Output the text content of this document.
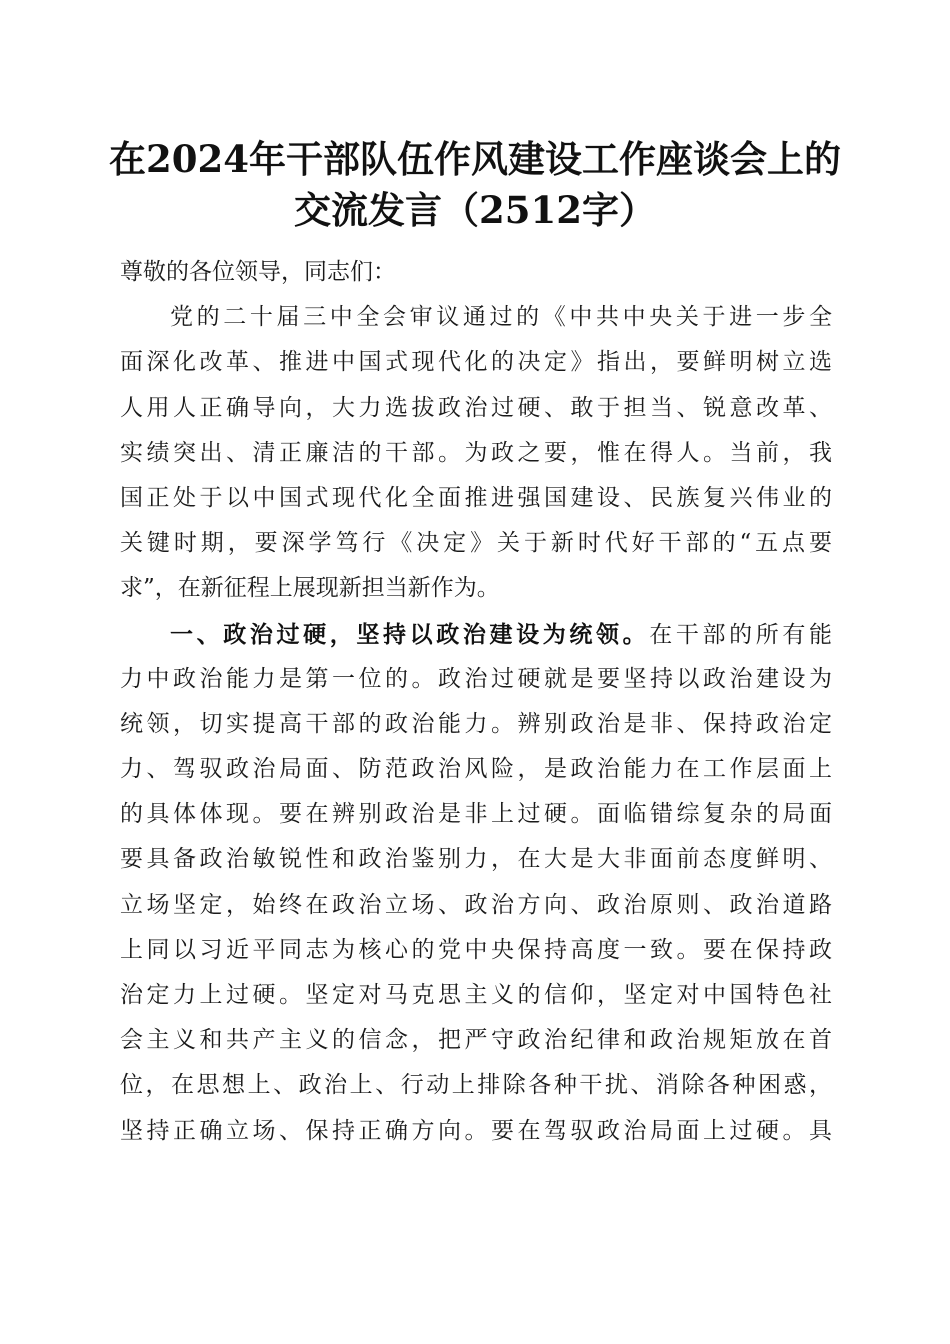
在2024年干部队伍作风建设工作座谈会上的
交流发言（2512字）
尊敬的各位领导，同志们：
党的二十届三中全会审议通过的《中共中央关于进一步全
面深化改革、推进中国式现代化的决定》指出，要鲜明树立选
人用人正确导向，大力选拔政治过硬、敢于担当、锐意改革、
实绩突出、清正廉洁的干部。为政之要，惟在得人。当前，我
国正处于以中国式现代化全面推进强国建设、民族复兴伟业的
关键时期，要深学笃行《决定》关于新时代好干部的“五点要
求”，在新征程上展现新担当新作为。
一、政治过硬，坚持以政治建设为统领。在干部的所有能
力中政治能力是第一位的。政治过硬就是要坚持以政治建设为
统领，切实提高干部的政治能力。辨别政治是非、保持政治定
力、驾驭政治局面、防范政治风险，是政治能力在工作层面上
的具体体现。要在辨别政治是非上过硬。面临错综复杂的局面
要具备政治敏锐性和政治鉴别力，在大是大非面前态度鲜明、
立场坚定，始终在政治立场、政治方向、政治原则、政治道路
上同以习近平同志为核心的党中央保持高度一致。要在保持政
治定力上过硬。坚定对马克思主义的信仰，坚定对中国特色社
会主义和共产主义的信念，把严守政治纪律和政治规矩放在首
位，在思想上、政治上、行动上排除各种干扰、消除各种困惑，
坚持正确立场、保持正确方向。要在驾驭政治局面上过硬。具
